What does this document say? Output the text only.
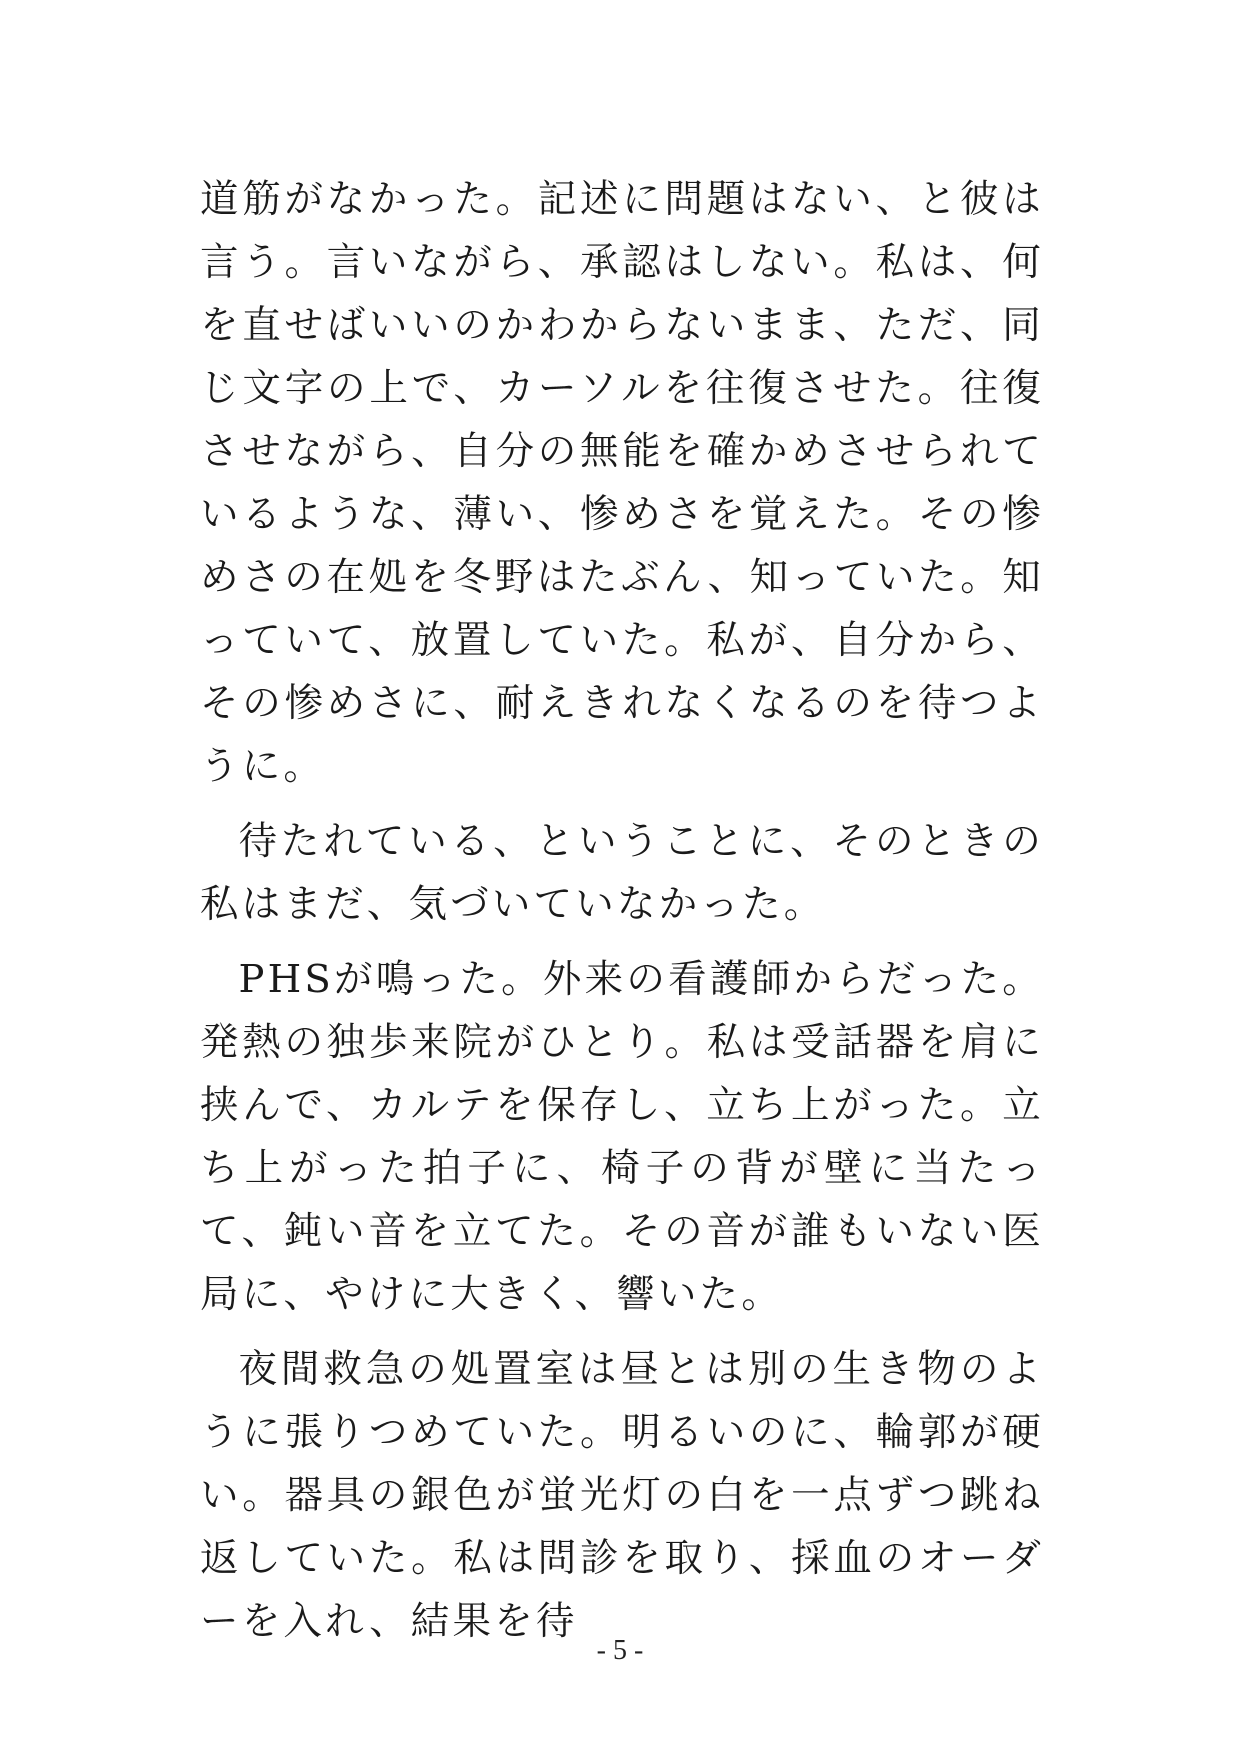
道筋がなかった。記述に問題はない、と彼は言う。言いながら、承認はしない。私は、何を直せばいいのかわからないまま、ただ、同じ文字の上で、カーソルを往復させた。往復させながら、自分の無能を確かめさせられているような、薄い、惨めさを覚えた。その惨めさの在処を冬野はたぶん、知っていた。知っていて、放置していた。私が、自分から、その惨めさに、耐えきれなくなるのを待つように。

待たれている、ということに、そのときの私はまだ、気づいていなかった。

PHSが鳴った。外来の看護師からだった。発熱の独歩来院がひとり。私は受話器を肩に挟んで、カルテを保存し、立ち上がった。立ち上がった拍子に、椅子の背が壁に当たって、鈍い音を立てた。その音が誰もいない医局に、やけに大きく、響いた。

夜間救急の処置室は昼とは別の生き物のように張りつめていた。明るいのに、輪郭が硬い。器具の銀色が蛍光灯の白を一点ずつ跳ね返していた。私は問診を取り、採血のオーダーを入れ、結果を待

- 5 -
